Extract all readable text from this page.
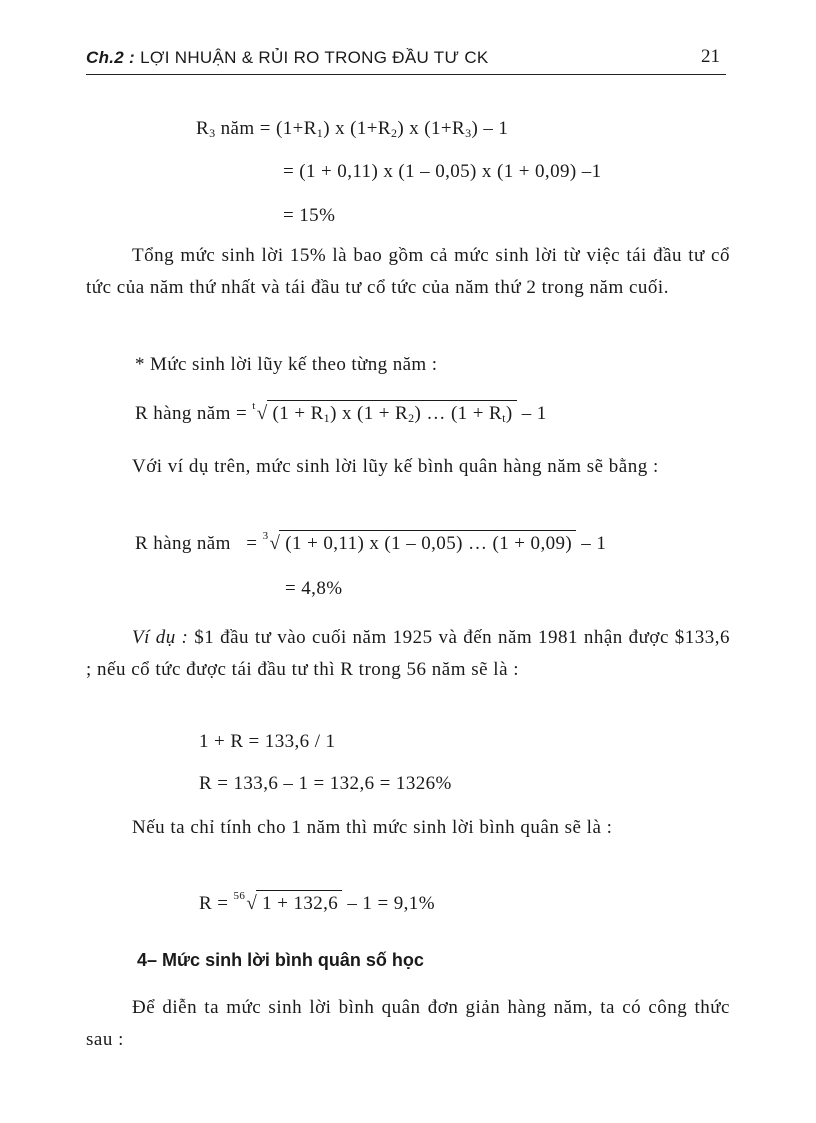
Ch.2 : LỢI NHUẬN & RỦI RO TRONG ĐẦU TƯ CK	21
$R_3$ năm = $(1+R_1)$ x $(1+R_2)$ x $(1+R_3) - 1$
= (1 + 0,11) x (1 – 0,05) x (1 + 0,09) –1
= 15%
Tổng mức sinh lời 15% là bao gồm cả mức sinh lời từ việc tái đầu tư cổ tức của năm thứ nhất và tái đầu tư cổ tức của năm thứ 2 trong năm cuối.
* Mức sinh lời lũy kế theo từng năm :
R hàng năm = $^t$√ $(1 + R_1)$ x $(1 + R_2)$ … $(1 + R_t) - 1$
Với ví dụ trên, mức sinh lời lũy kế bình quân hàng năm sẽ bằng :
R hàng năm = $^3$√ (1 + 0,11) x (1 – 0,05) … (1 + 0,09) – 1
= 4,8%
Ví dụ : $1 đầu tư vào cuối năm 1925 và đến năm 1981 nhận được $133,6 ; nếu cổ tức được tái đầu tư thì R trong 56 năm sẽ là :
1 + R = 133,6 / 1
R = 133,6 – 1 = 132,6 = 1326%
Nếu ta chỉ tính cho 1 năm thì mức sinh lời bình quân sẽ là :
R = $^{56}$√ 1 + 132,6 – 1 = 9,1%
4– Mức sinh lời bình quân số học
Để diễn ta mức sinh lời bình quân đơn giản hàng năm, ta có công thức sau :
